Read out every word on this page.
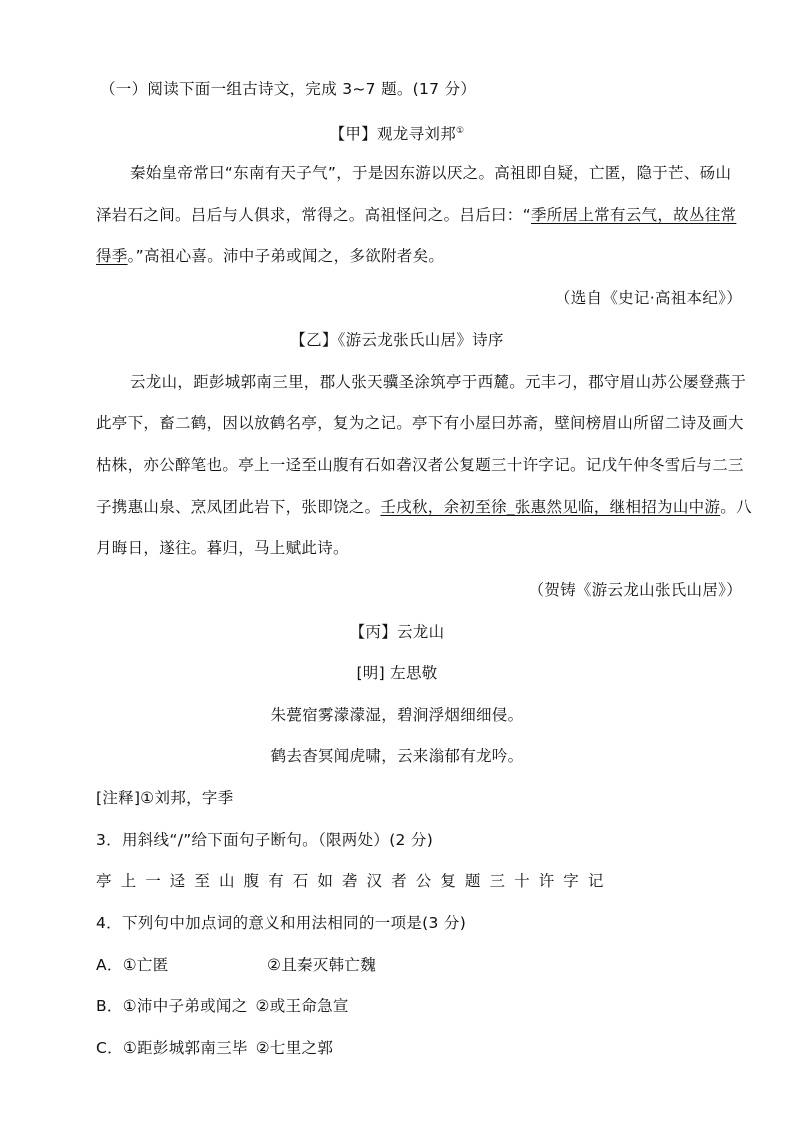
（一）阅读下面一组古诗文，完成 3~7 题。(17 分）
【甲】观龙寻刘邦①
秦始皇帝常曰“东南有天子气”，于是因东游以厌之。高祖即自疑，亡匿，隐于芒、砀山
泽岩石之间。吕后与人俱求，常得之。高祖怪问之。吕后曰：“季所居上常有云气，故丛往常
得季。”高祖心喜。沛中子弟或闻之，多欲附者矣。
（选自《史记·高祖本纪》）
【乙】《游云龙张氏山居》诗序
云龙山，距彭城郭南三里，郡人张天骥圣涂筑亭于西麓。元丰刁，郡守眉山苏公屡登燕于
此亭下，畜二鹤，因以放鹤名亭，复为之记。亭下有小屋曰苏斋，壁间榜眉山所留二诗及画大
枯株，亦公醉笔也。亭上一迳至山腹有石如砻汉者公复题三十许字记。记戊午仲冬雪后与二三
子携惠山泉、烹凤团此岩下，张即饶之。壬戌秋，余初至徐_张惠然见临，继相招为山中游。八
月晦日，遂往。暮归，马上赋此诗。
（贺铸《游云龙山张氏山居》）
【丙】云龙山
[明] 左思敬
朱甍宿雾濛濛湿，碧涧浮烟细细侵。
鹤去杳冥闻虎啸，云来滃郁有龙吟。
[注释]①刘邦，字季
3．用斜线“/”给下面句子断句。（限两处）(2 分)
亭 上 一 迳 至 山 腹 有 石 如 砻 汉 者 公 复 题 三 十 许 字 记
4．下列句中加点词的意义和用法相同的一项是(3 分)
A．①亡匿	②且秦灭韩亡魏
B．①沛中子弟或闻之 ②或王命急宣
C．①距彭城郭南三毕 ②七里之郭
